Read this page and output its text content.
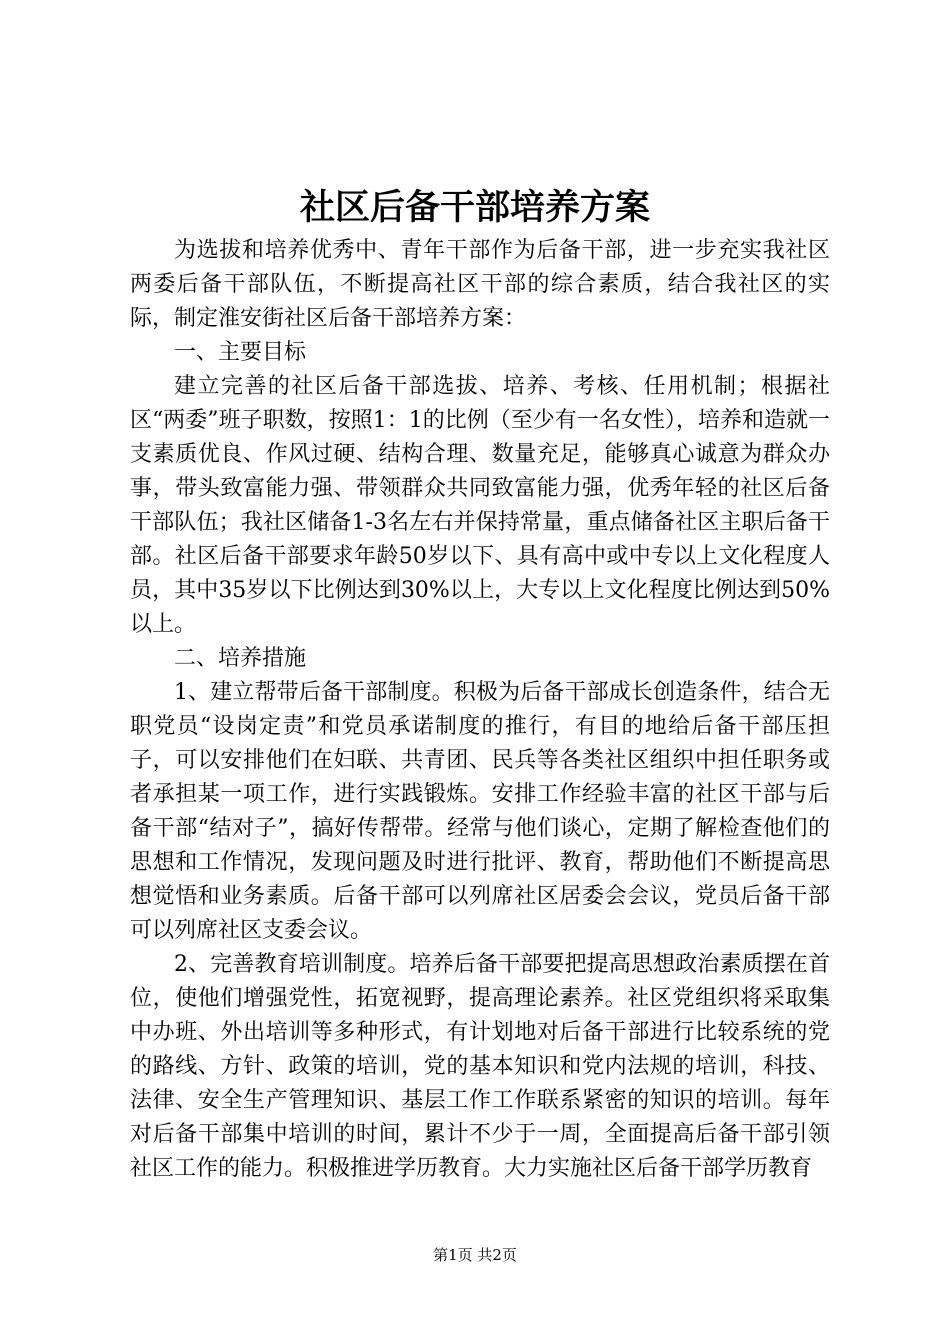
社区后备干部培养方案

为选拔和培养优秀中、青年干部作为后备干部，进一步充实我社区两委后备干部队伍，不断提高社区干部的综合素质，结合我社区的实际，制定淮安街社区后备干部培养方案：

一、主要目标

建立完善的社区后备干部选拔、培养、考核、任用机制；根据社区“两委”班子职数，按照1：1的比例（至少有一名女性），培养和造就一支素质优良、作风过硬、结构合理、数量充足，能够真心诚意为群众办事，带头致富能力强、带领群众共同致富能力强，优秀年轻的社区后备干部队伍；我社区储备1-3名左右并保持常量，重点储备社区主职后备干部。社区后备干部要求年龄50岁以下、具有高中或中专以上文化程度人员，其中35岁以下比例达到30%以上，大专以上文化程度比例达到50%以上。

二、培养措施

1、建立帮带后备干部制度。积极为后备干部成长创造条件，结合无职党员“设岗定责”和党员承诺制度的推行，有目的地给后备干部压担子，可以安排他们在妇联、共青团、民兵等各类社区组织中担任职务或者承担某一项工作，进行实践锻炼。安排工作经验丰富的社区干部与后备干部“结对子”，搞好传帮带。经常与他们谈心，定期了解检查他们的思想和工作情况，发现问题及时进行批评、教育，帮助他们不断提高思想觉悟和业务素质。后备干部可以列席社区居委会会议，党员后备干部可以列席社区支委会议。

2、完善教育培训制度。培养后备干部要把提高思想政治素质摆在首位，使他们增强党性，拓宽视野，提高理论素养。社区党组织将采取集中办班、外出培训等多种形式，有计划地对后备干部进行比较系统的党的路线、方针、政策的培训，党的基本知识和党内法规的培训，科技、法律、安全生产管理知识、基层工作工作联系紧密的知识的培训。每年对后备干部集中培训的时间，累计不少于一周，全面提高后备干部引领社区工作的能力。积极推进学历教育。大力实施社区后备干部学历教育

第1页 共2页
